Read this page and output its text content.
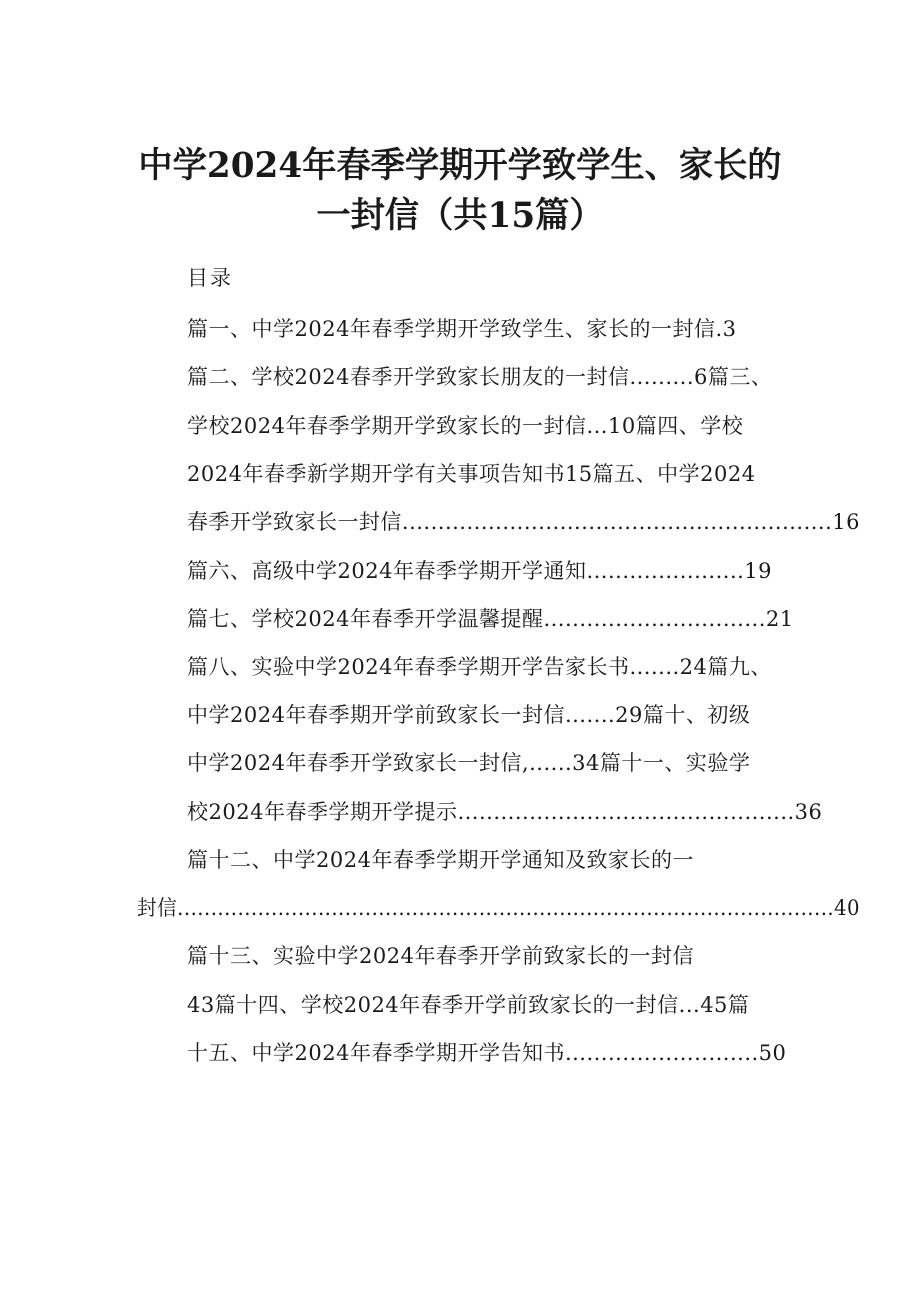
中学2024年春季学期开学致学生、家长的
一封信（共15篇）
目录
篇一、中学2024年春季学期开学致学生、家长的一封信.3
篇二、学校2024春季开学致家长朋友的一封信.........6篇三、
学校2024年春季学期开学致家长的一封信...10篇四、学校
2024年春季新学期开学有关事项告知书15篇五、中学2024
春季开学致家长一封信............................................................16
篇六、高级中学2024年春季学期开学通知......................19
篇七、学校2024年春季开学温馨提醒...............................21
篇八、实验中学2024年春季学期开学告家长书.......24篇九、
中学2024年春季期开学前致家长一封信.......29篇十、初级
中学2024年春季开学致家长一封信,......34篇十一、实验学
校2024年春季学期开学提示...............................................36
篇十二、中学2024年春季学期开学通知及致家长的一
封信..................................................................................................40
篇十三、实验中学2024年春季开学前致家长的一封信
43篇十四、学校2024年春季开学前致家长的一封信...45篇
十五、中学2024年春季学期开学告知书...........................50
